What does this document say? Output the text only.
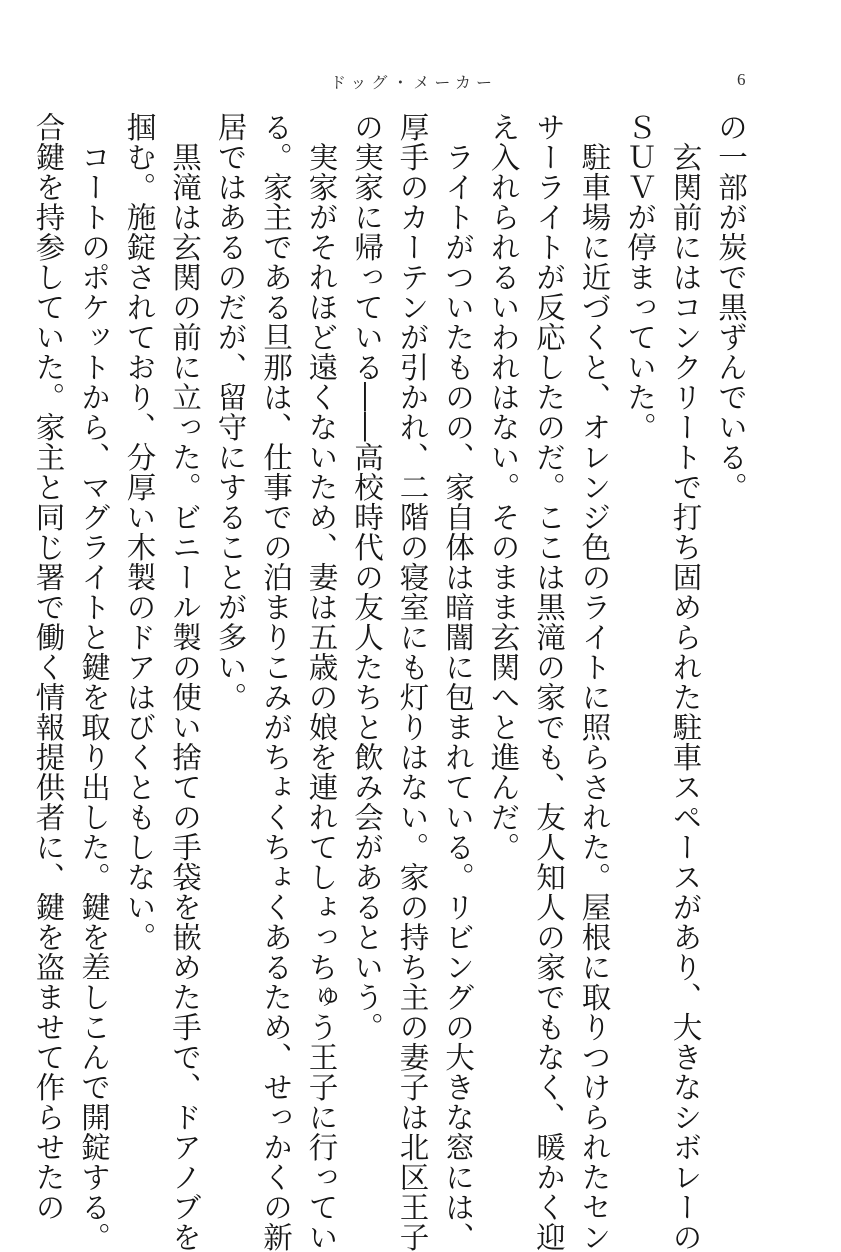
ドッグ・メーカー	6
の一部が炭で黒ずんでいる。
　玄関前にはコンクリートで打ち固められた駐車スペースがあり、大きなシボレーの
ＳＵＶが停まっていた。
　駐車場に近づくと、オレンジ色のライトに照らされた。屋根に取りつけられたセン
サーライトが反応したのだ。ここは黒滝の家でも、友人知人の家でもなく、暖かく迎
え入れられるいわれはない。そのまま玄関へと進んだ。
　ライトがついたものの、家自体は暗闇に包まれている。リビングの大きな窓には、
厚手のカーテンが引かれ、二階の寝室にも灯りはない。家の持ち主の妻子は北区王子
の実家に帰っている――高校時代の友人たちと飲み会があるという。
　実家がそれほど遠くないため、妻は五歳の娘を連れてしょっちゅう王子に行ってい
る。家主である旦那は、仕事での泊まりこみがちょくちょくあるため、せっかくの新
居ではあるのだが、留守にすることが多い。
　黒滝は玄関の前に立った。ビニール製の使い捨ての手袋を嵌めた手で、ドアノブを
掴む。施錠されており、分厚い木製のドアはびくともしない。
　コートのポケットから、マグライトと鍵を取り出した。鍵を差しこんで開錠する。
合鍵を持参していた。家主と同じ署で働く情報提供者に、鍵を盗ませて作らせたの
